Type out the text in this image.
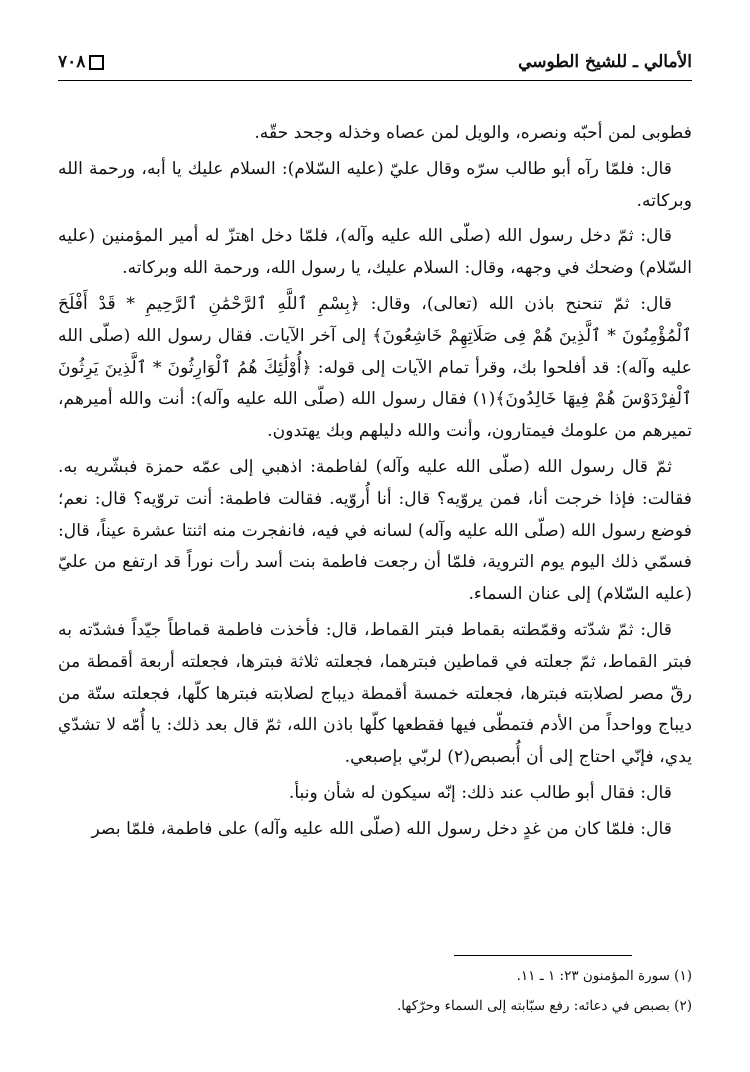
الأمالي ـ للشيخ الطوسي
٧٠٨

فطوبى لمن أحبّه ونصره، والويل لمن عصاه وخذله وجحد حقّه.

قال: فلمّا رآه أبو طالب سرّه وقال عليّ (عليه السّلام): السلام عليك يا أبه، ورحمة الله وبركاته.

قال: ثمّ دخل رسول الله (صلّى الله عليه وآله)، فلمّا دخل اهتزّ له أمير المؤمنين (عليه السّلام) وضحك في وجهه، وقال: السلام عليك، يا رسول الله، ورحمة الله وبركاته.

قال: ثمّ تنحنح باذن الله (تعالى)، وقال: ﴿بِسْمِ ٱللَّهِ ٱلرَّحْمَٰنِ ٱلرَّحِيمِ * قَدْ أَفْلَحَ ٱلْمُؤْمِنُونَ * ٱلَّذِينَ هُمْ فِى صَلَاتِهِمْ خَاشِعُونَ﴾ إلى آخر الآيات. فقال رسول الله (صلّى الله عليه وآله): قد أفلحوا بك، وقرأ تمام الآيات إلى قوله: ﴿أُوْلَٰئِكَ هُمُ ٱلْوَارِثُونَ * ٱلَّذِينَ يَرِثُونَ ٱلْفِرْدَوْسَ هُمْ فِيهَا خَالِدُونَ﴾(١) فقال رسول الله (صلّى الله عليه وآله): أنت والله أميرهم، تميرهم من علومك فيمتارون، وأنت والله دليلهم وبك يهتدون.

ثمّ قال رسول الله (صلّى الله عليه وآله) لفاطمة: اذهبي إلى عمّه حمزة فبشّريه به. فقالت: فإذا خرجت أنا، فمن يروّيه؟ قال: أنا أُروّيه. فقالت فاطمة: أنت تروّيه؟ قال: نعم؛ فوضع رسول الله (صلّى الله عليه وآله) لسانه في فيه، فانفجرت منه اثنتا عشرة عيناً، قال: فسمّي ذلك اليوم يوم التروية، فلمّا أن رجعت فاطمة بنت أسد رأت نوراً قد ارتفع من عليّ (عليه السّلام) إلى عنان السماء.

قال: ثمّ شدّته وقمّطته بقماط فبتر القماط، قال: فأخذت فاطمة قماطاً جيّداً فشدّته به فبتر القماط، ثمّ جعلته في قماطين فبترهما، فجعلته ثلاثة فبترها، فجعلته أربعة أقمطة من رقّ مصر لصلابته فبترها، فجعلته خمسة أقمطة ديباج لصلابته فبترها كلّها، فجعلته ستّة من ديباج وواحداً من الأدم فتمطّى فيها فقطعها كلّها باذن الله، ثمّ قال بعد ذلك: يا أُمّه لا تشدّي يدي، فإنّي احتاج إلى أن أُبصبص(٢) لربّي بإصبعي.

قال: فقال أبو طالب عند ذلك: إنّه سيكون له شأن ونبأ.

قال: فلمّا كان من غدٍ دخل رسول الله (صلّى الله عليه وآله) على فاطمة، فلمّا بصر

(١) سورة المؤمنون ٢٣: ١ ـ ١١.
(٢) بصبص في دعائه: رفع سبّابته إلى السماء وحرّكها.
